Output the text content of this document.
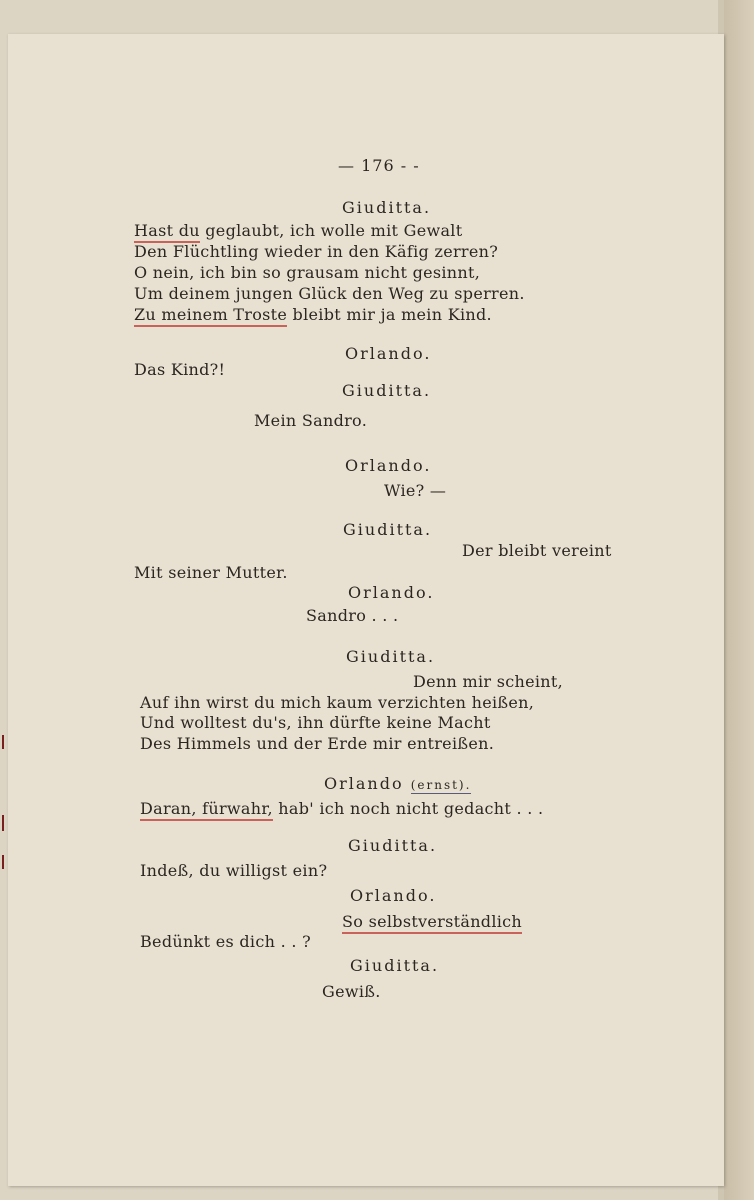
— 176 - -
Giuditta.
Hast du geglaubt, ich wolle mit Gewalt
Den Flüchtling wieder in den Käfig zerren?
O nein, ich bin so grausam nicht gesinnt,
Um deinem jungen Glück den Weg zu sperren.
Zu meinem Troste bleibt mir ja mein Kind.
Orlando.
Das Kind?!
Giuditta.
Mein Sandro.
Orlando.
Wie? —
Giuditta.
Der bleibt vereint
Mit seiner Mutter.
Orlando.
Sandro . . .
Giuditta.
Denn mir scheint,
Auf ihn wirst du mich kaum verzichten heißen,
Und wolltest du's, ihn dürfte keine Macht
Des Himmels und der Erde mir entreißen.
Orlando (ernst).
Daran, fürwahr, hab' ich noch nicht gedacht . . .
Giuditta.
Indeß, du willigst ein?
Orlando.
So selbstverständlich
Bedünkt es dich . . ?
Giuditta.
Gewiß.
